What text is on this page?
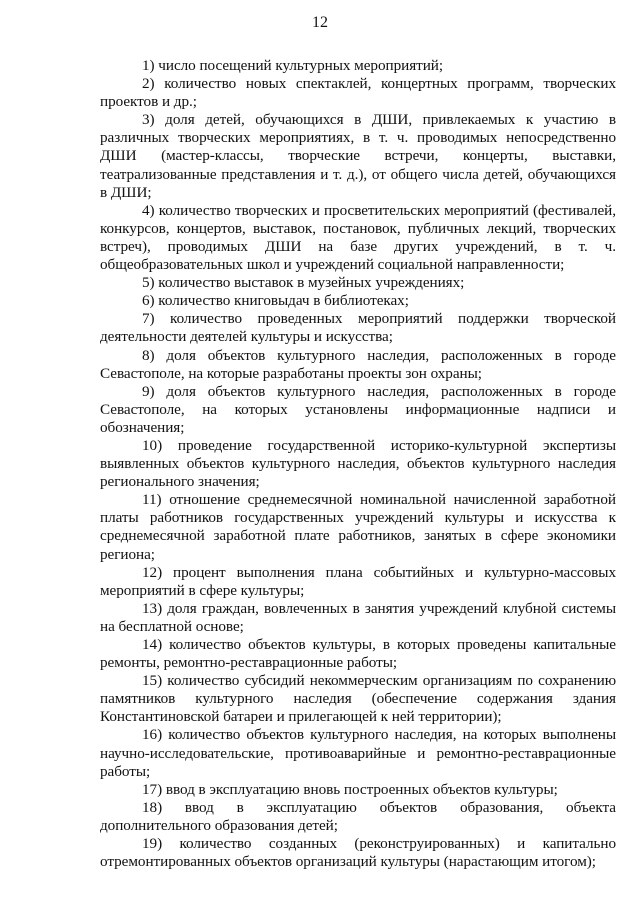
12

1) число посещений культурных мероприятий;

2) количество новых спектаклей, концертных программ, творческих проектов и др.;

3) доля детей, обучающихся в ДШИ, привлекаемых к участию в различных творческих мероприятиях, в т. ч. проводимых непосредственно ДШИ (мастер-классы, творческие встречи, концерты, выставки, театрализованные представления и т. д.), от общего числа детей, обучающихся в ДШИ;

4) количество творческих и просветительских мероприятий (фестивалей, конкурсов, концертов, выставок, постановок, публичных лекций, творческих встреч), проводимых ДШИ на базе других учреждений, в т. ч. общеобразовательных школ и учреждений социальной направленности;

5) количество выставок в музейных учреждениях;

6) количество книговыдач в библиотеках;

7) количество проведенных мероприятий поддержки творческой деятельности деятелей культуры и искусства;

8) доля объектов культурного наследия, расположенных в городе Севастополе, на которые разработаны проекты зон охраны;

9) доля объектов культурного наследия, расположенных в городе Севастополе, на которых установлены информационные надписи и обозначения;

10) проведение государственной историко-культурной экспертизы выявленных объектов культурного наследия, объектов культурного наследия регионального значения;

11) отношение среднемесячной номинальной начисленной заработной платы работников государственных учреждений культуры и искусства к среднемесячной заработной плате работников, занятых в сфере экономики региона;

12) процент выполнения плана событийных и культурно-массовых мероприятий в сфере культуры;

13) доля граждан, вовлеченных в занятия учреждений клубной системы на бесплатной основе;

14) количество объектов культуры, в которых проведены капитальные ремонты, ремонтно-реставрационные работы;

15) количество субсидий некоммерческим организациям по сохранению памятников культурного наследия (обеспечение содержания здания Константиновской батареи и прилегающей к ней территории);

16) количество объектов культурного наследия, на которых выполнены научно-исследовательские, противоаварийные и ремонтно-реставрационные работы;

17) ввод в эксплуатацию вновь построенных объектов культуры;

18) ввод в эксплуатацию объектов образования, объекта дополнительного образования детей;

19) количество созданных (реконструированных) и капитально отремонтированных объектов организаций культуры (нарастающим итогом);
